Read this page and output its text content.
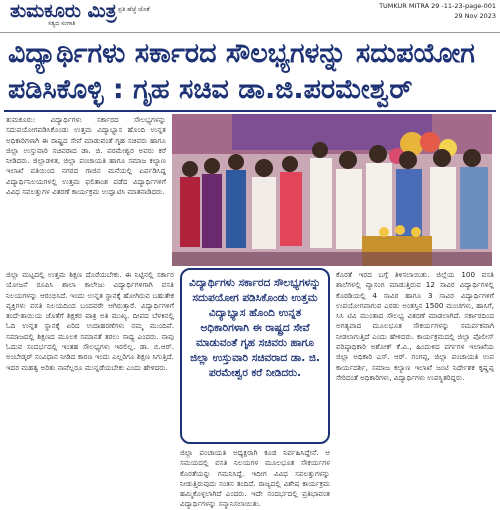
ತುಮಕೂರು ಮಿತ್ರ
ಸತ್ಯದ ಸಂಗಾತಿ
ಪ್ರತಿ ಹೆಜ್ಜೆ ಜೊತೆ	TUMKUR MITRA 29 -11-23-page-001
29 Nov 2023
ವಿದ್ಯಾರ್ಥಿಗಳು ಸರ್ಕಾರದ ಸೌಲಭ್ಯಗಳನ್ನು ಸದುಪಯೋಗ
ಪಡಿಸಿಕೊಳ್ಳಿ : ಗೃಹ ಸಚಿವ ಡಾ.ಜಿ.ಪರಮೇಶ್ವರ್
ತುಮಕೂರು: ವಿದ್ಯಾರ್ಥಿಗಳು ಸರ್ಕಾರದ ಸೌಲಭ್ಯಗಳನ್ನು ಸದುಪಯೋಗಪಡಿಸಿಕೊಂಡು ಉತ್ತಮ ವಿದ್ಯಾಭ್ಯಾಸ ಹೊಂದಿ ಉನ್ನತ ಅಧಿಕಾರಿಗಳಾಗಿ ಈ ರಾಷ್ಟ್ರದ ಸೇವೆ ಮಾಡುವಂತೆ ಗೃಹ ಸಚಿವರು ಹಾಗೂ ಜಿಲ್ಲಾ ಉಸ್ತುವಾರಿ ಸಚಿವರಾದ ಡಾ. ಜಿ. ಪರಮೇಶ್ವರ ಅವರು ಕರೆ ನೀಡಿದರು. ಜಿಲ್ಲಾಡಳಿತ, ಜಿಲ್ಲಾ ಪಂಚಾಯತಿ ಹಾಗೂ ಸಮಾಜ ಕಲ್ಯಾಣ ಇಲಾಖೆ ವತಿಯಿಂದ ನಗರದ ಗಾಜಿನ ಮನೆಯಲ್ಲಿ ಏರ್ಪಡಿಸಿದ್ದ ವಿದ್ಯಾರ್ಥಿನಿಲಯಗಳಲ್ಲಿ ಉತ್ತಮ ಫಲಿತಾಂಶ ಪಡೆದ ವಿದ್ಯಾರ್ಥಿಗಳಿಗೆ ವಿವಿಧ ಸವಲತ್ತುಗಳ ವಿತರಣೆ ಕಾರ್ಯಕ್ರಮ ಉದ್ಘಾಟಿಸಿ ಮಾತನಾಡಿದರು.
ಜಿಲ್ಲಾ ಮಟ್ಟದಲ್ಲಿ ಉತ್ತಮ ಶಿಕ್ಷಣ ದೊರೆಯಬೇಕು. ಈ ನಿಟ್ಟಿನಲ್ಲಿ ಸರ್ಕಾರ ಯೋಜನೆ ರೂಪಿಸಿ ಶಾಲಾ ಕಾಲೇಜು ವಿದ್ಯಾರ್ಥಿಗಳಿಗಾಗಿ ವಸತಿ ನಿಲಯಗಳನ್ನು ಆರಂಭಿಸಿದೆ. ಇಂದು ಉನ್ನತ ಸ್ಥಾನಕ್ಕೆ ಹೋಗಿರುವ ಬಹುತೇಕ ವ್ಯಕ್ತಿಗಳು ವಸತಿ ನಿಲಯದಿಂದ ಬಂದವರೇ ಆಗಿರುತ್ತಾರೆ. ವಿದ್ಯಾರ್ಥಿಗಳಿಗೆ ತಂದೆ-ತಾಯಿಯ ಜೊತೆಗೆ ಶಿಕ್ಷಕರ ಪಾತ್ರ ಅತಿ ಮುಖ್ಯ. ದೀಪದ ಬೆಳಕಿನಲ್ಲಿ ಓದಿ ಉನ್ನತ ಸ್ಥಾನಕ್ಕೆ ಏರಿದ ಉದಾಹರಣೆಗಳು ನಮ್ಮ ಮುಂದಿವೆ. ಸಮಾಜದಲ್ಲಿ ಶಿಕ್ಷಣದ ಮೂಲಕ ಸಮಾನತೆ ತರಲು ಸಾಧ್ಯ ಎಂದರು. ನಾವು ಓದುವ ಸಂದರ್ಭದಲ್ಲಿ ಇಂತಹ ಸೌಲಭ್ಯಗಳು ಇರಲಿಲ್ಲ. ಡಾ. ಬಿ.ಆರ್. ಅಂಬೇಡ್ಕರ್ ಸಂವಿಧಾನ ನೀಡಿದ ಕಾರಣ ಇಂದು ಎಲ್ಲರಿಗೂ ಶಿಕ್ಷಣ ಸಿಗುತ್ತಿದೆ. ಇದರ ಮಹತ್ವ ಅರಿತು ನಾವೆಲ್ಲರೂ ಮುನ್ನಡೆಯಬೇಕು ಎಂದು ಹೇಳಿದರು.
ವಿದ್ಯಾರ್ಥಿಗಳು ಸರ್ಕಾರದ ಸೌಲಭ್ಯಗಳನ್ನು ಸದುಪಯೋಗ ಪಡಿಸಿಕೊಂಡು ಉತ್ತಮ ವಿದ್ಯಾಭ್ಯಾಸ ಹೊಂದಿ ಉನ್ನತ ಅಧಿಕಾರಿಗಳಾಗಿ ಈ ರಾಷ್ಟ್ರದ ಸೇವೆ ಮಾಡುವಂತೆ ಗೃಹ ಸಚಿವರು ಹಾಗೂ ಜಿಲ್ಲಾ ಉಸ್ತುವಾರಿ ಸಚಿವರಾದ ಡಾ. ಜಿ. ಪರಮೇಶ್ವರ ಕರೆ ನೀಡಿದರು.
ಜಿಲ್ಲಾ ಪಂಚಾಯತಿ ಅಧ್ಯಕ್ಷರಾಗಿ ಕೂಡ ನಿರ್ವಹಿಸಿದ್ದೇನೆ. ಆ ಸಮಯದಲ್ಲಿ ವಸತಿ ನಿಲಯಗಳ ಮೂಲಭೂತ ಸೌಕರ್ಯಗಳ ಕೊರತೆಯನ್ನು ಗಮನಿಸಿದ್ದೆ. ಇದೀಗ ವಿವಿಧ ಸವಲತ್ತುಗಳನ್ನು ನೀಡುತ್ತಿರುವುದು ಸಂತಸ ತಂದಿದೆ. ರಾಜ್ಯದಲ್ಲಿ ವಿಶೇಷ ಕಾರ್ಯಕ್ರಮ ಹಮ್ಮಿಕೊಳ್ಳಲಾಗಿದೆ ಎಂದರು. ಇದೇ ಸಂದರ್ಭದಲ್ಲಿ ಪ್ರತಿಭಾವಂತ ವಿದ್ಯಾರ್ಥಿಗಳನ್ನು ಸನ್ಮಾನಿಸಲಾಯಿತು.
ಕೊರತೆ ಇರದ ಬಗ್ಗೆ ತಿಳಿಸಲಾಯಿತು. ಜಿಲ್ಲೆಯ 100 ವಸತಿ ಶಾಲೆಗಳಲ್ಲಿ ವ್ಯಾಸಂಗ ಮಾಡುತ್ತಿರುವ 12 ಸಾವಿರ ವಿದ್ಯಾರ್ಥಿಗಳಲ್ಲಿ ಕೊಠಡಿಯಲ್ಲಿ 4 ಸಾವಿರ ಹಾಗೂ 3 ಸಾವಿರ ವಿದ್ಯಾರ್ಥಿಗಳಿಗೆ ಉಪಯೋಗವಾಗುವ ಎರಡು ಅಂತಸ್ತಿನ 1500 ಮಂಚಗಳು, ಹಾಸಿಗೆ, ಸಿಸಿ ಟಿವಿ ಮುಂತಾದ ಸೌಲಭ್ಯ ವಿತರಣೆ ಮಾಡಲಾಗಿದೆ. ಸರ್ಕಾರದಿಂದ ಅಗತ್ಯವಾದ ಮೂಲಭೂತ ಸೌಕರ್ಯಗಳನ್ನು ಸಮರ್ಪಕವಾಗಿ ನೀಡಲಾಗುತ್ತಿದೆ ಎಂದು ಹೇಳಿದರು. ಕಾರ್ಯಕ್ರಮದಲ್ಲಿ ಜಿಲ್ಲಾ ಪೊಲೀಸ್ ವರಿಷ್ಠಾಧಿಕಾರಿ ಅಶೋಕ್ ಕೆ.ವಿ., ಹಿಂದುಳಿದ ವರ್ಗಗಳ ಇಲಾಖೆಯ ಜಿಲ್ಲಾ ಅಧಿಕಾರಿ ಎಸ್. ಆರ್. ಗಂಗಪ್ಪ, ಜಿಲ್ಲಾ ಪಂಚಾಯತಿ ಉಪ ಕಾರ್ಯದರ್ಶಿ, ಸಮಾಜ ಕಲ್ಯಾಣ ಇಲಾಖೆ ಜಂಟಿ ನಿರ್ದೇಶಕ ಕೃಷ್ಣಪ್ಪ ಸೇರಿದಂತೆ ಅಧಿಕಾರಿಗಳು, ವಿದ್ಯಾರ್ಥಿಗಳು ಉಪಸ್ಥಿತರಿದ್ದರು.
